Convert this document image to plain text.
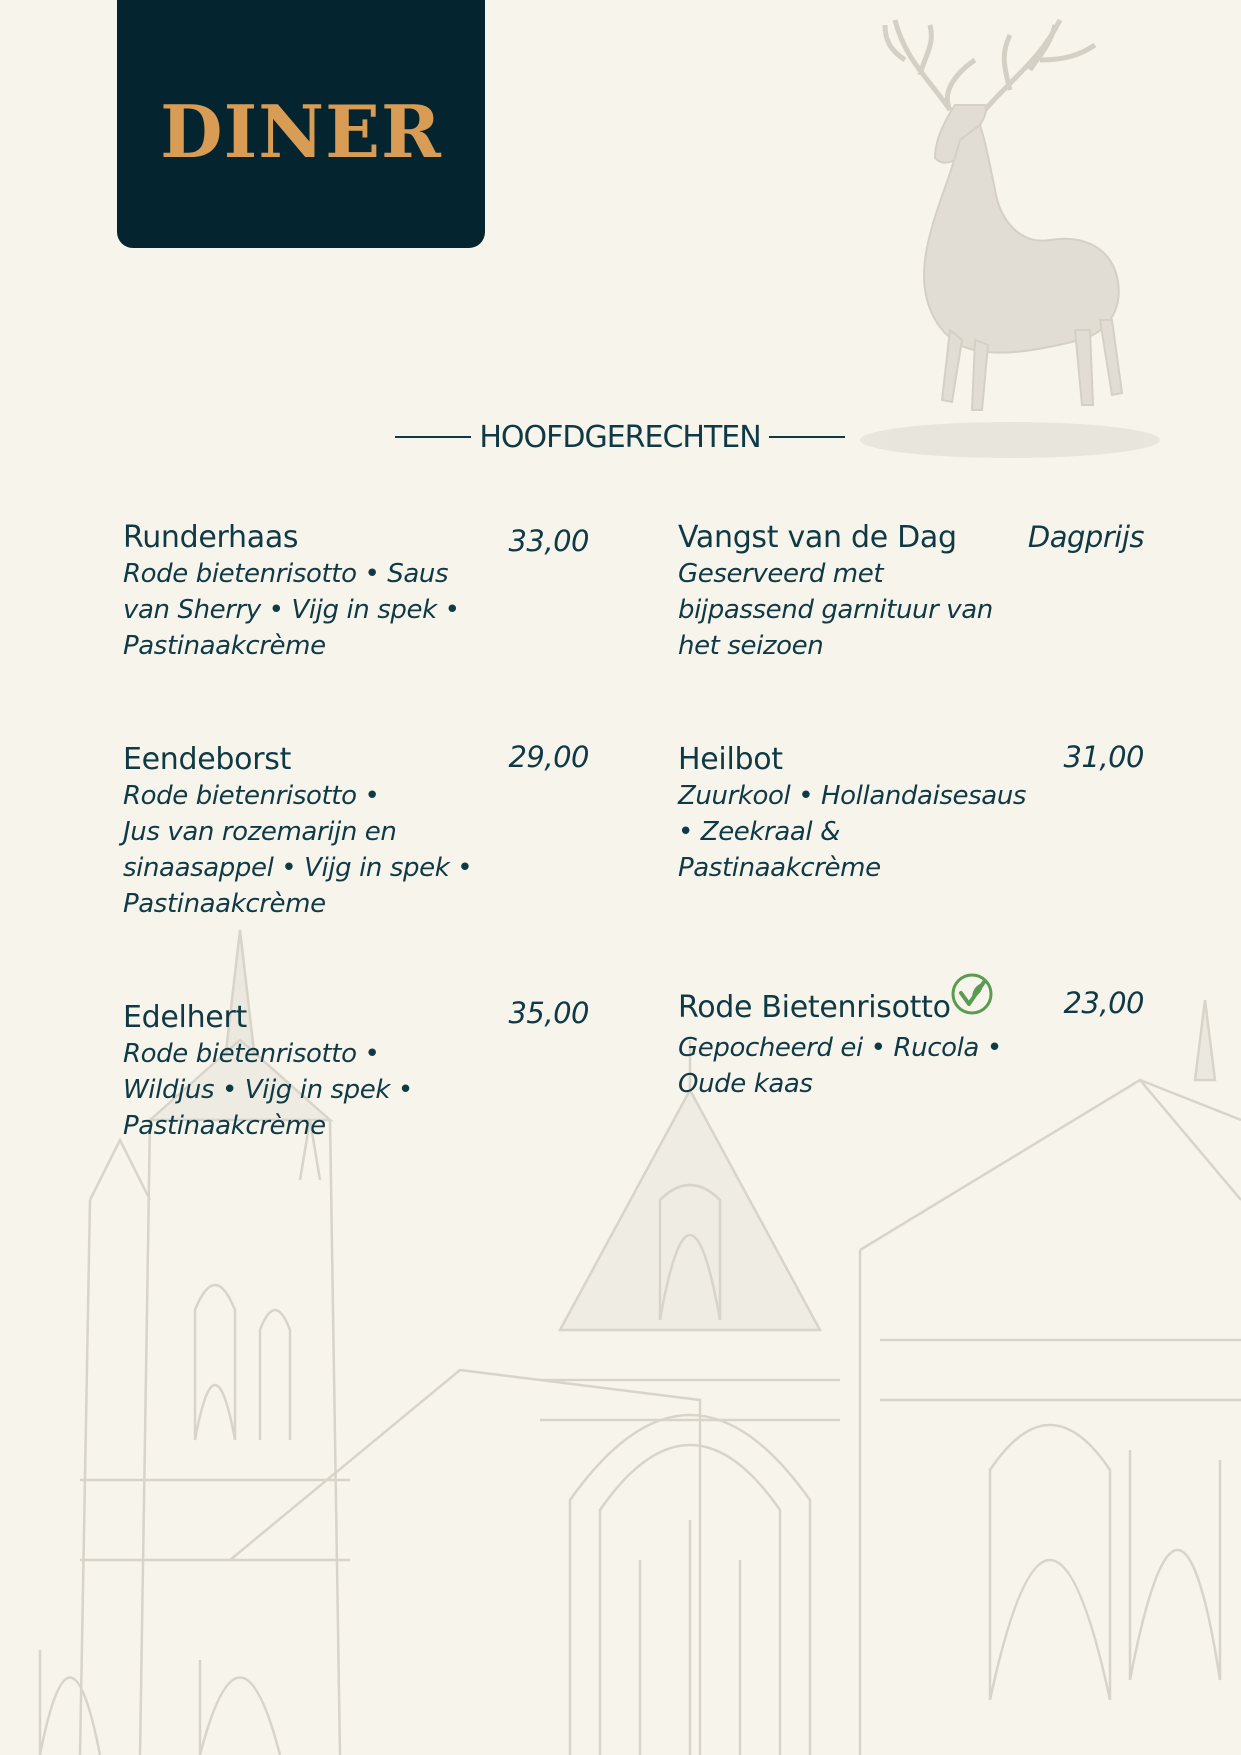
DINER
HOOFDGERECHTEN
Runderhaas	33,00

Rode bietenrisotto • Saus
van Sherry • Vijg in spek •
Pastinaakcrème

Eendeborst	29,00

Rode bietenrisotto •
Jus van rozemarijn en
sinaasappel • Vijg in spek •
Pastinaakcrème

Edelhert	35,00

Rode bietenrisotto •
Wildjus • Vijg in spek •
Pastinaakcrème

Vangst van de Dag Dagprijs

Geserveerd met
bijpassend garnituur van
het seizoen

Heilbot	31,00

Zuurkool • Hollandaisesaus
• Zeekraal &
Pastinaakcrème

Rode Bietenrisotto	23,00

Gepocheerd ei • Rucola •
Oude kaas
